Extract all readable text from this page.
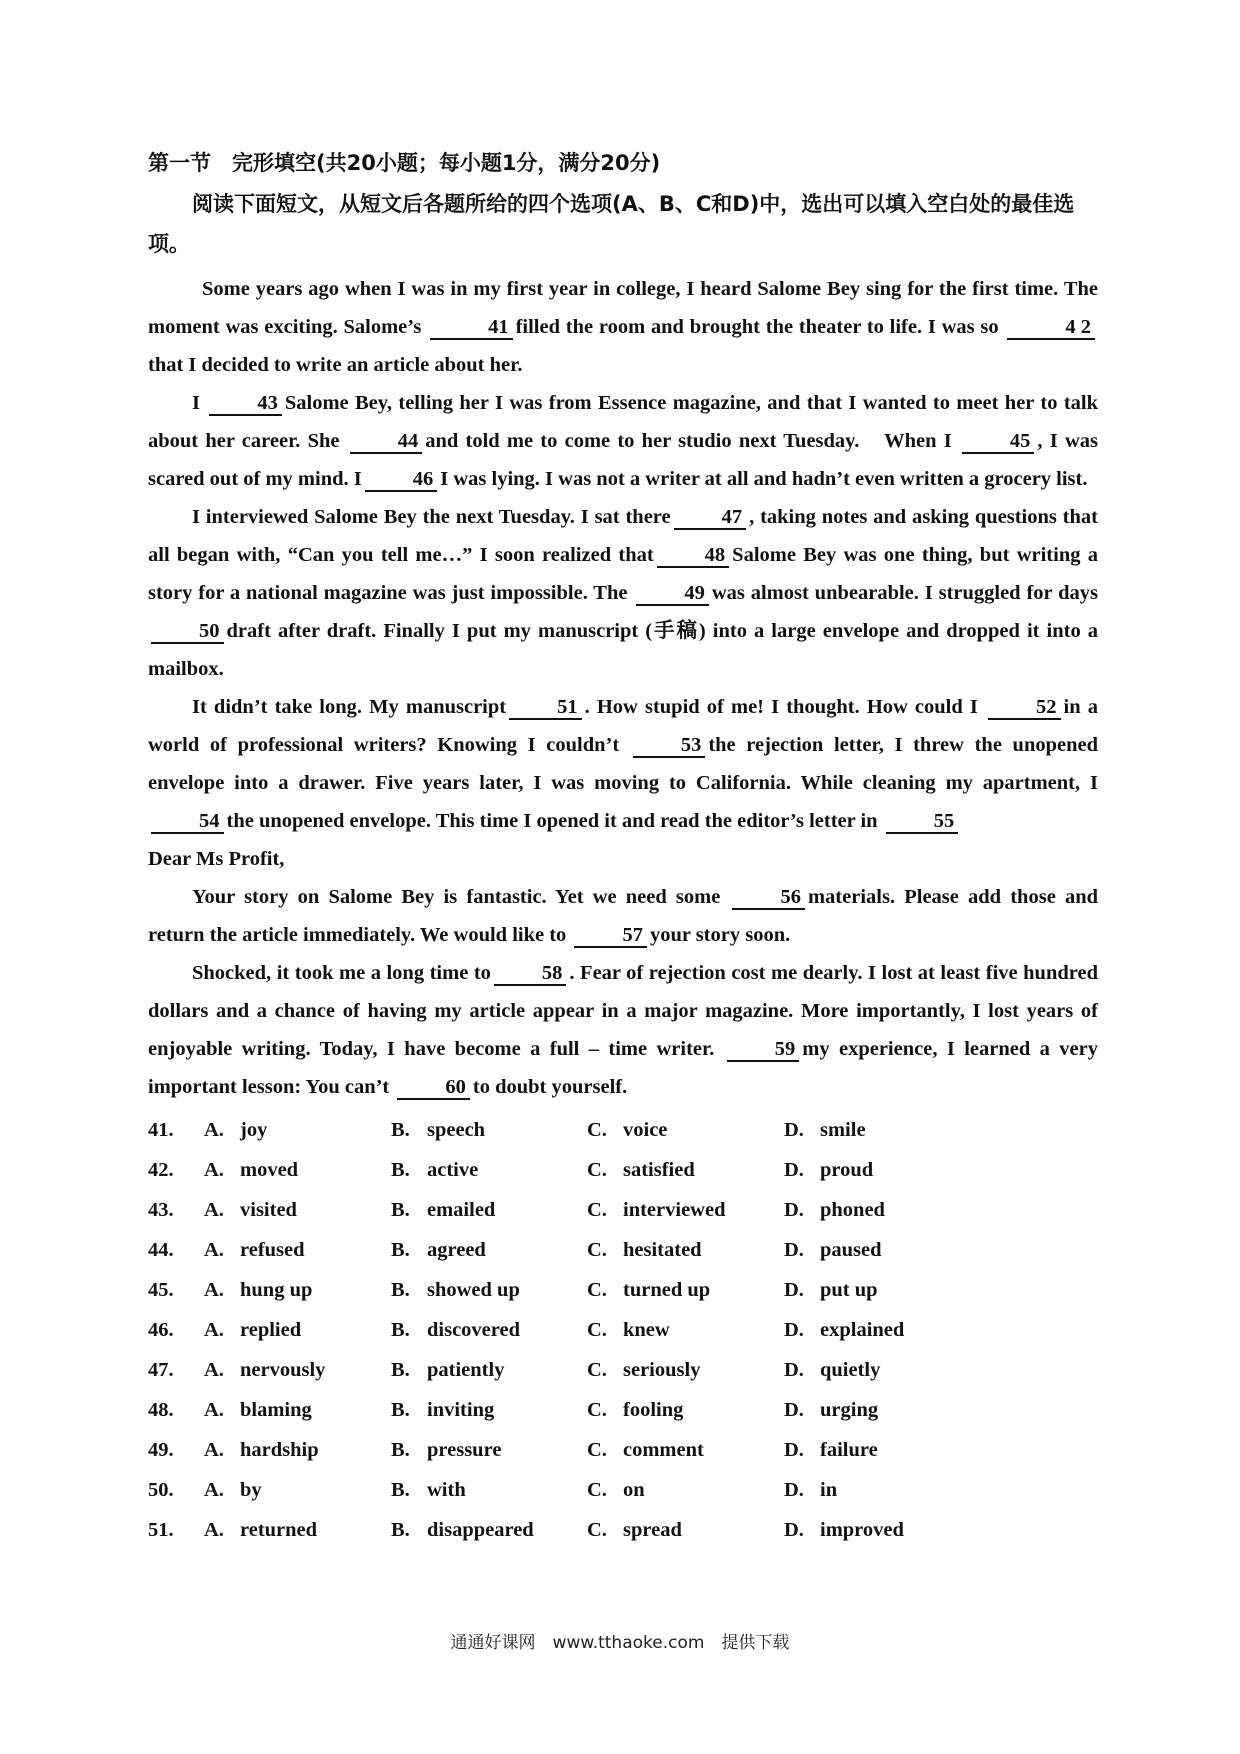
第一节　完形填空(共20小题；每小题1分，满分20分)
阅读下面短文，从短文后各题所给的四个选项(A、B、C和D)中，选出可以填入空白处的最佳选项。
Some years ago when I was in my first year in college, I heard Salome Bey sing for the first time. The moment was exciting. Salome’s	41 filled the room and brought the theater to life. I was so	4 2that I decided to write an article about her.
I 43 Salome Bey, telling her I was from Essence magazine, and that I wanted to meet her to talk about her career. She 44 and told me to come to her studio next Tuesday.　When I 45 , I was scared out of my mind. I 46 I was lying. I was not a writer at all and hadn’t even written a grocery list.
I interviewed Salome Bey the next Tuesday. I sat there 47 , taking notes and asking questions that all began with, “Can you tell me…” I soon realized that 48 Salome Bey was one thing, but writing a story for a national magazine was just impossible. The 49 was almost unbearable. I struggled for days50 draft after draft. Finally I put my manuscript (手稿) into a large envelope and dropped it into a mailbox.
It didn’t take long. My manuscript 51 . How stupid of me! I thought. How could I 52 in a world of professional writers? Knowing I couldn’t 53 the rejection letter, I threw the unopened envelope into a drawer. Five years later, I was moving to California. While cleaning my apartment, I54 the unopened envelope. This time I opened it and read the editor’s letter in 55
Dear Ms Profit,
Your story on Salome Bey is fantastic. Yet we need some 56 materials. Please add those and return the article immediately. We would like to 57 your story soon.
Shocked, it took me a long time to 58 . Fear of rejection cost me dearly. I lost at least five hundred dollars and a chance of having my article appear in a major magazine. More importantly, I lost years of enjoyable writing. Today, I have become a full – time writer. 59 my experience, I learned a very important lesson: You can’t 60 to doubt yourself.
41.	A. joy	B. speech	C. voice	D. smile
42.	A. moved	B. active	C. satisfied	D. proud
43.	A. visited	B. emailed	C. interviewed	D. phoned
44.	A. refused	B. agreed	C. hesitated	D. paused
45.	A. hung up	B. showed up	C. turned up	D. put up
46.	A. replied	B. discovered	C. knew	D. explained
47.	A. nervously	B. patiently	C. seriously	D. quietly
48.	A. blaming	B. inviting	C. fooling	D. urging
49.	A. hardship	B. pressure	C. comment	D. failure
50.	A. by	B. with	C. on	D. in
51.	A. returned	B. disappeared	C. spread	D. improved
通通好课网　www.tthaoke.com　提供下载
